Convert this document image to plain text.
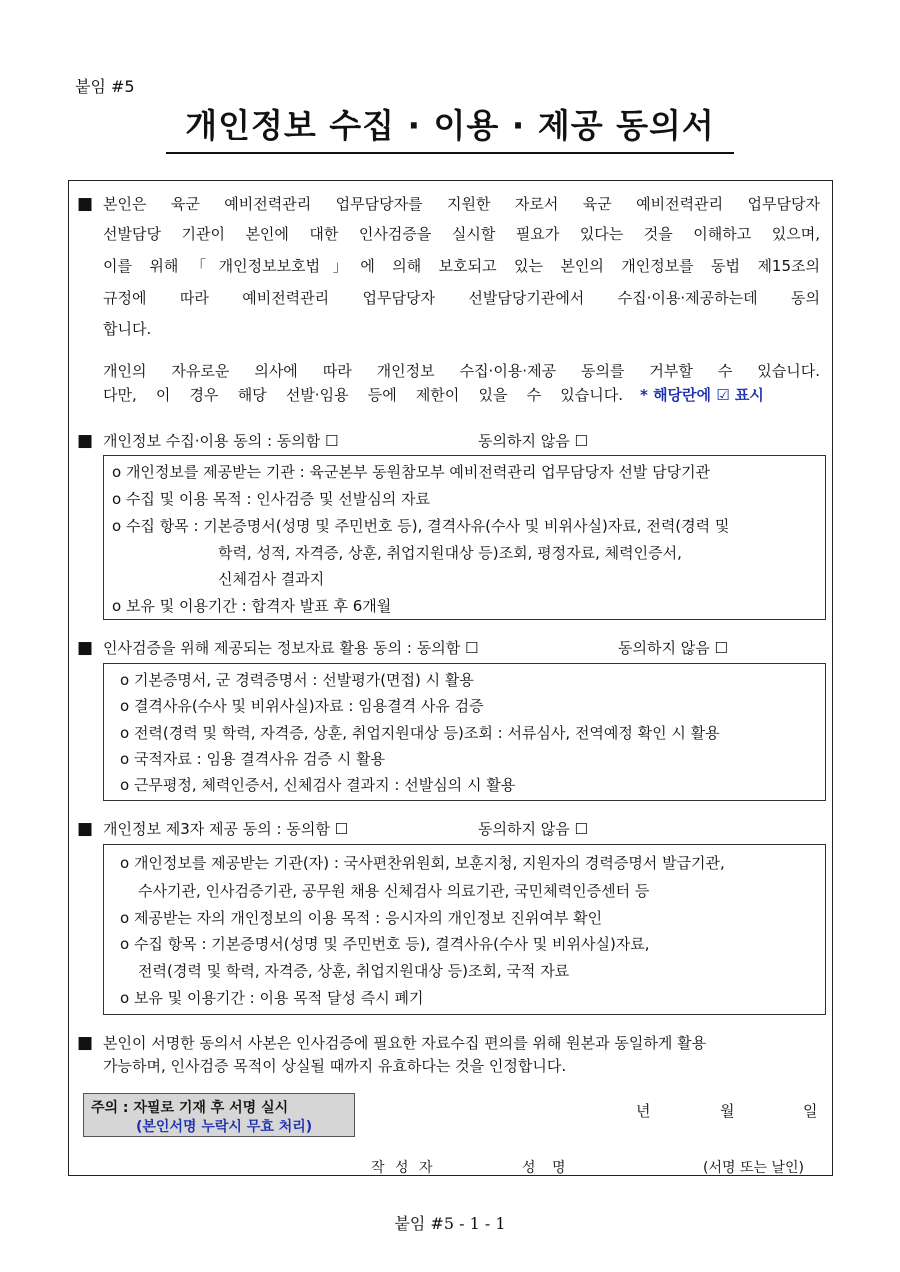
붙임 #5
개인정보 수집 · 이용 · 제공 동의서
■ 본인은 육군 예비전력관리 업무담당자를 지원한 자로서 육군 예비전력관리 업무담당자
선발담당 기관이 본인에 대한 인사검증을 실시할 필요가 있다는 것을 이해하고 있으며,
이를 위해「개인정보보호법」에 의해 보호되고 있는 본인의 개인정보를 동법 제15조의
규정에 따라 예비전력관리 업무담당자 선발담당기관에서 수집·이용·제공하는데 동의
합니다.
개인의 자유로운 의사에 따라 개인정보 수집·이용·제공 동의를 거부할 수 있습니다.
다만, 이 경우 해당 선발·임용 등에 제한이 있을 수 있습니다. * 해당란에 ☑ 표시
■ 개인정보 수집·이용 동의 : 동의함 ☐	동의하지 않음 ☐
o 개인정보를 제공받는 기관 : 육군본부 동원참모부 예비전력관리 업무담당자 선발 담당기관
o 수집 및 이용 목적 : 인사검증 및 선발심의 자료
o 수집 항목 : 기본증명서(성명 및 주민번호 등), 결격사유(수사 및 비위사실)자료, 전력(경력 및
학력, 성적, 자격증, 상훈, 취업지원대상 등)조회, 평정자료, 체력인증서,
신체검사 결과지
o 보유 및 이용기간 : 합격자 발표 후 6개월
■ 인사검증을 위해 제공되는 정보자료 활용 동의 : 동의함 ☐	동의하지 않음 ☐
o 기본증명서, 군 경력증명서 : 선발평가(면접) 시 활용
o 결격사유(수사 및 비위사실)자료 : 임용결격 사유 검증
o 전력(경력 및 학력, 자격증, 상훈, 취업지원대상 등)조회 : 서류심사, 전역예정 확인 시 활용
o 국적자료 : 임용 결격사유 검증 시 활용
o 근무평정, 체력인증서, 신체검사 결과지 : 선발심의 시 활용
■ 개인정보 제3자 제공 동의 : 동의함 ☐	동의하지 않음 ☐
o 개인정보를 제공받는 기관(자) : 국사편찬위원회, 보훈지청, 지원자의 경력증명서 발급기관,
수사기관, 인사검증기관, 공무원 채용 신체검사 의료기관, 국민체력인증센터 등
o 제공받는 자의 개인정보의 이용 목적 : 응시자의 개인정보 진위여부 확인
o 수집 항목 : 기본증명서(성명 및 주민번호 등), 결격사유(수사 및 비위사실)자료,
전력(경력 및 학력, 자격증, 상훈, 취업지원대상 등)조회, 국적 자료
o 보유 및 이용기간 : 이용 목적 달성 즉시 폐기
■ 본인이 서명한 동의서 사본은 인사검증에 필요한 자료수집 편의를 위해 원본과 동일하게 활용
가능하며, 인사검증 목적이 상실될 때까지 유효하다는 것을 인정합니다.
주의 : 자필로 기재 후 서명 실시
(본인서명 누락시 무효 처리)
년	월	일
작 성 자	성 명	(서명 또는 날인)
붙임 #5 - 1 - 1
